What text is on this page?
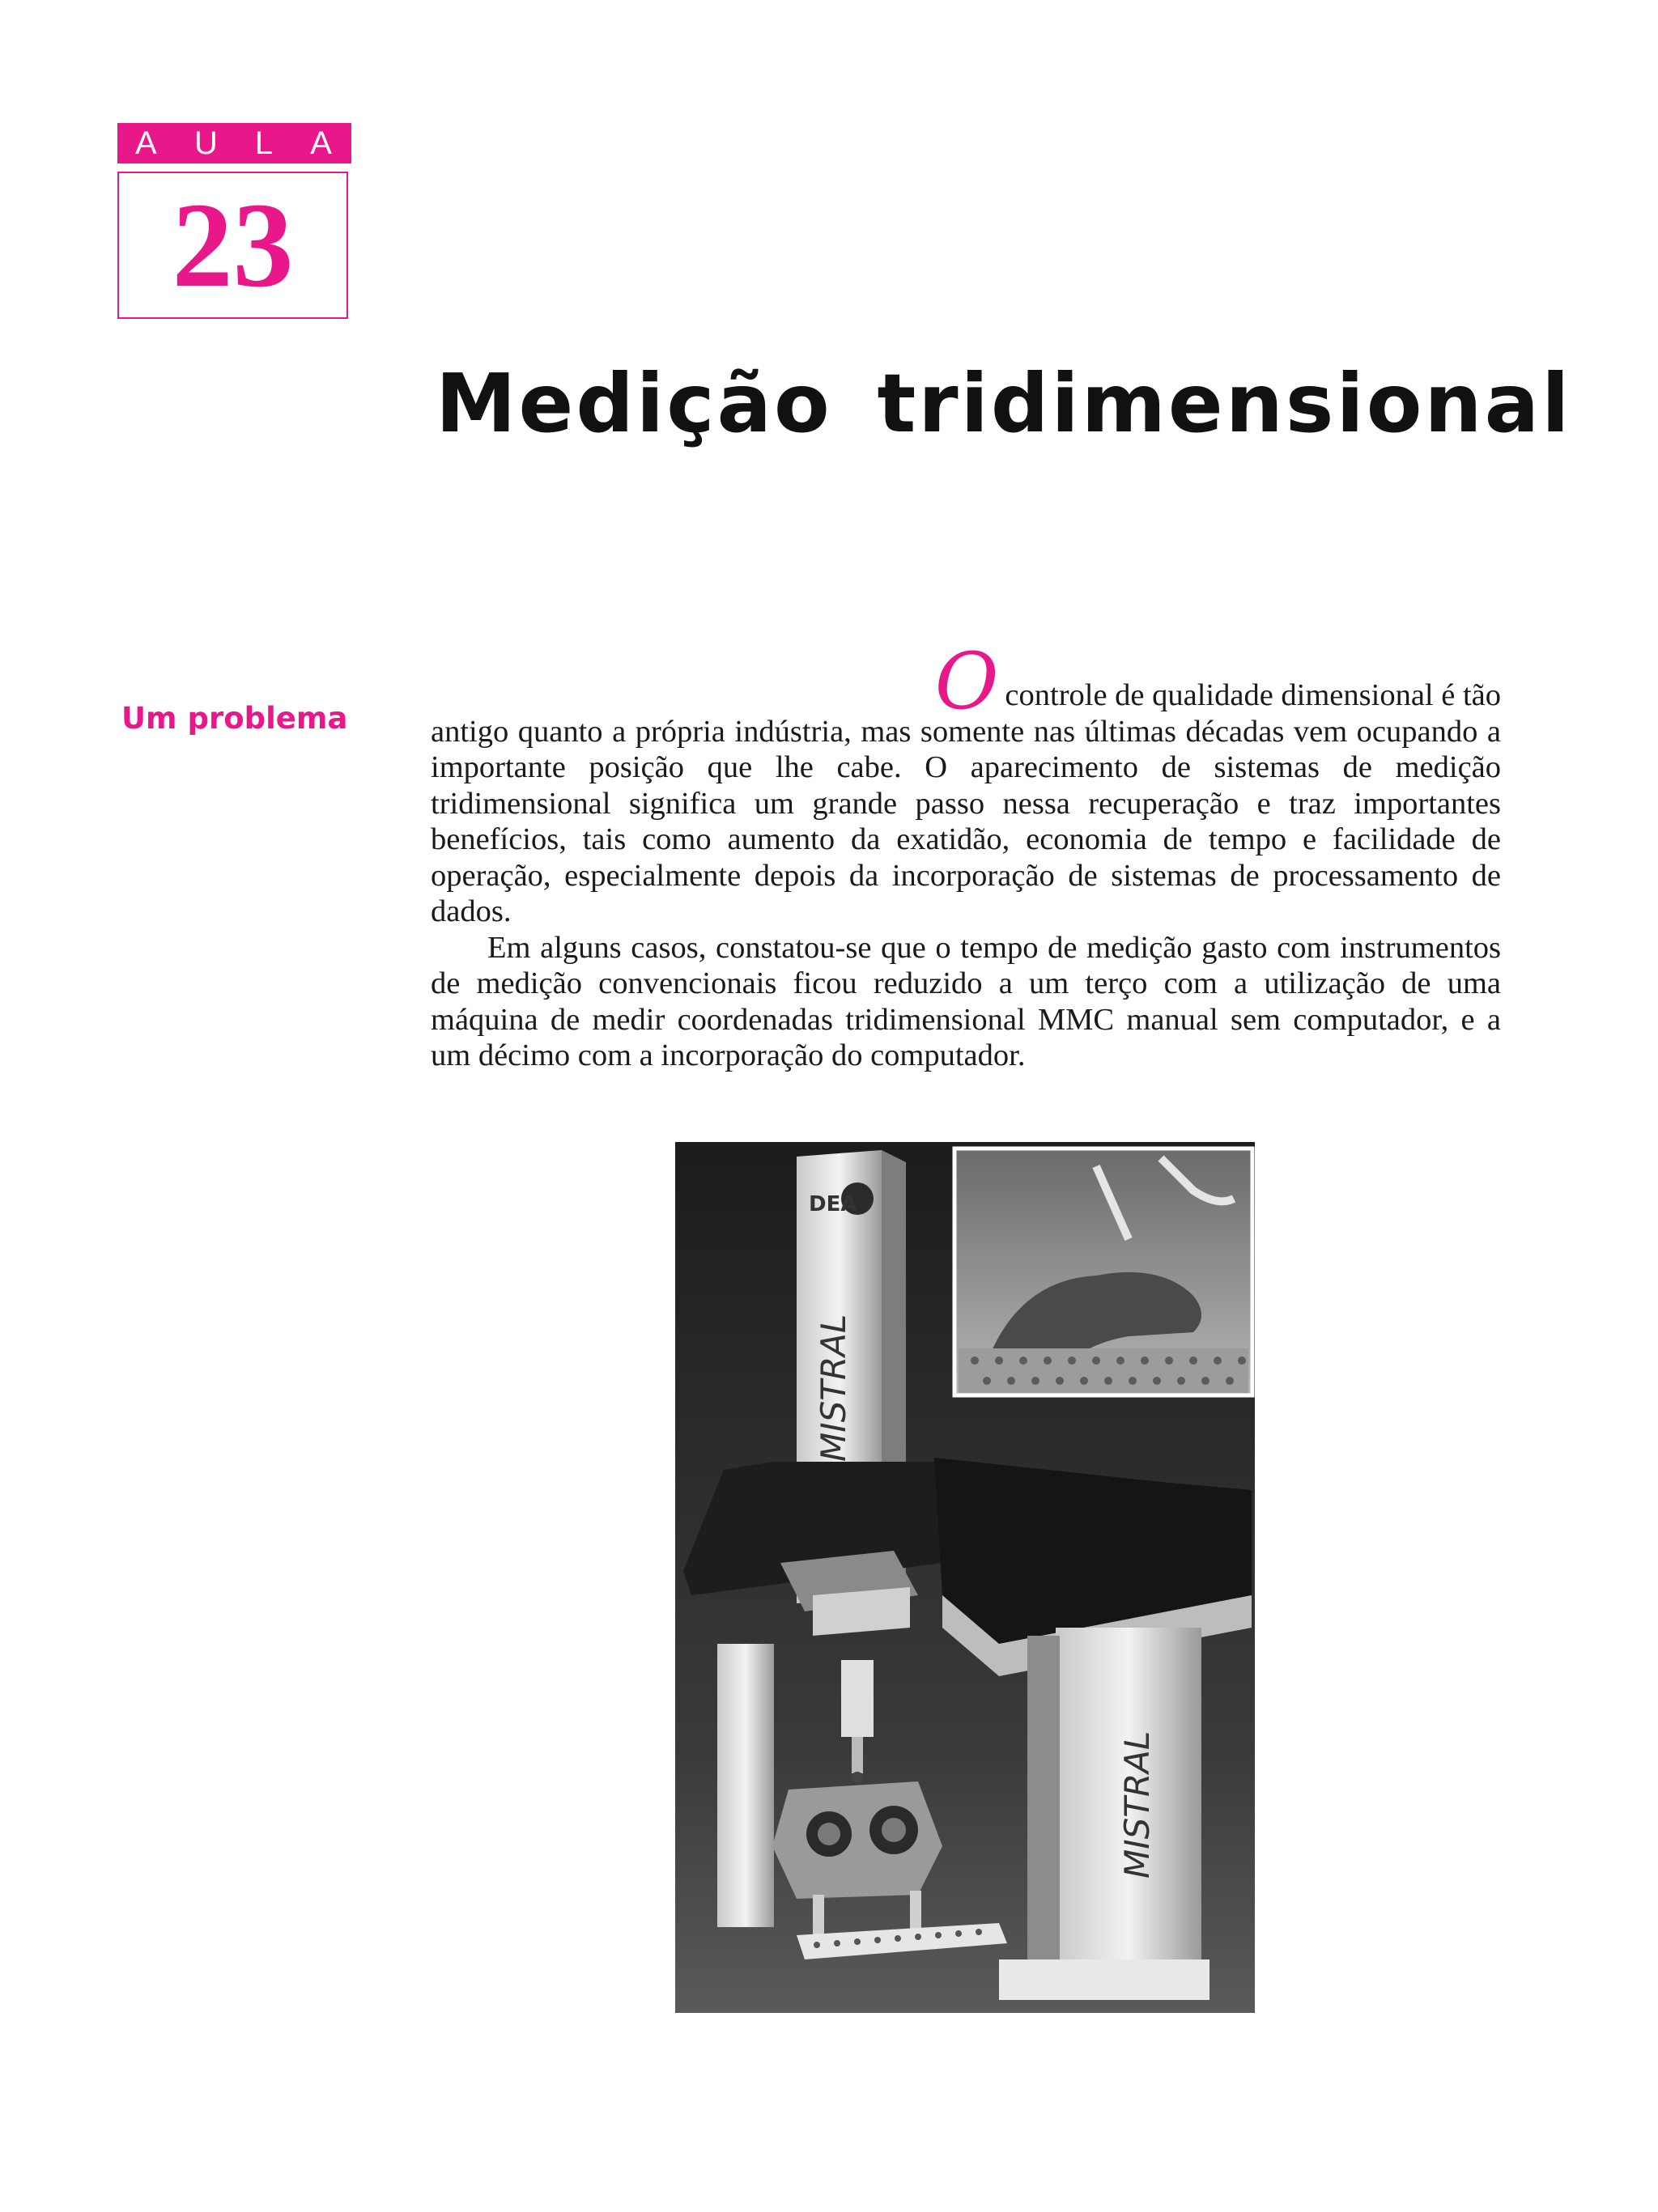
A U L A
23
Medição tridimensional
Um problema	Ocontrole de qualidade dimensional é tão

antigo quanto a própria indústria, mas somente nas últimas décadas vem ocupando a importante posição que lhe cabe. O aparecimento de sistemas de medição tridimensional significa um grande passo nessa recuperação e traz importantes benefícios, tais como aumento da exatidão, economia de tempo e facilidade de operação, especialmente depois da incorporação de sistemas de processamento de dados.

Em alguns casos, constatou-se que o tempo de medição gasto com instrumentos de medição convencionais ficou reduzido a um terço com a utilização de uma máquina de medir coordenadas tridimensional MMC manual sem computador, e a um décimo com a incorporação do computador.

DEA
MISTRAL
MISTRAL
